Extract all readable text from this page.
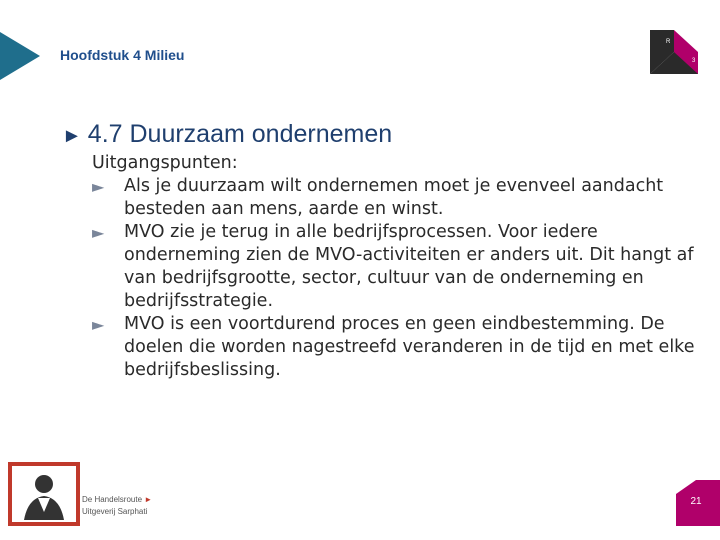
Hoofdstuk 4 Milieu
R
3
► 4.7 Duurzaam ondernemen
Uitgangspunten:
► Als je duurzaam wilt ondernemen moet je evenveel aandacht besteden aan mens, aarde en winst.
► MVO zie je terug in alle bedrijfsprocessen. Voor iedere onderneming zien de MVO-activiteiten er anders uit. Dit hangt af van bedrijfsgrootte, sector, cultuur van de onderneming en bedrijfsstrategie.
► MVO is een voortdurend proces en geen eindbestemming. De doelen die worden nagestreefd veranderen in de tijd en met elke bedrijfsbeslissing.
De Handelsroute ►
Uitgeverij Sarphati
21
